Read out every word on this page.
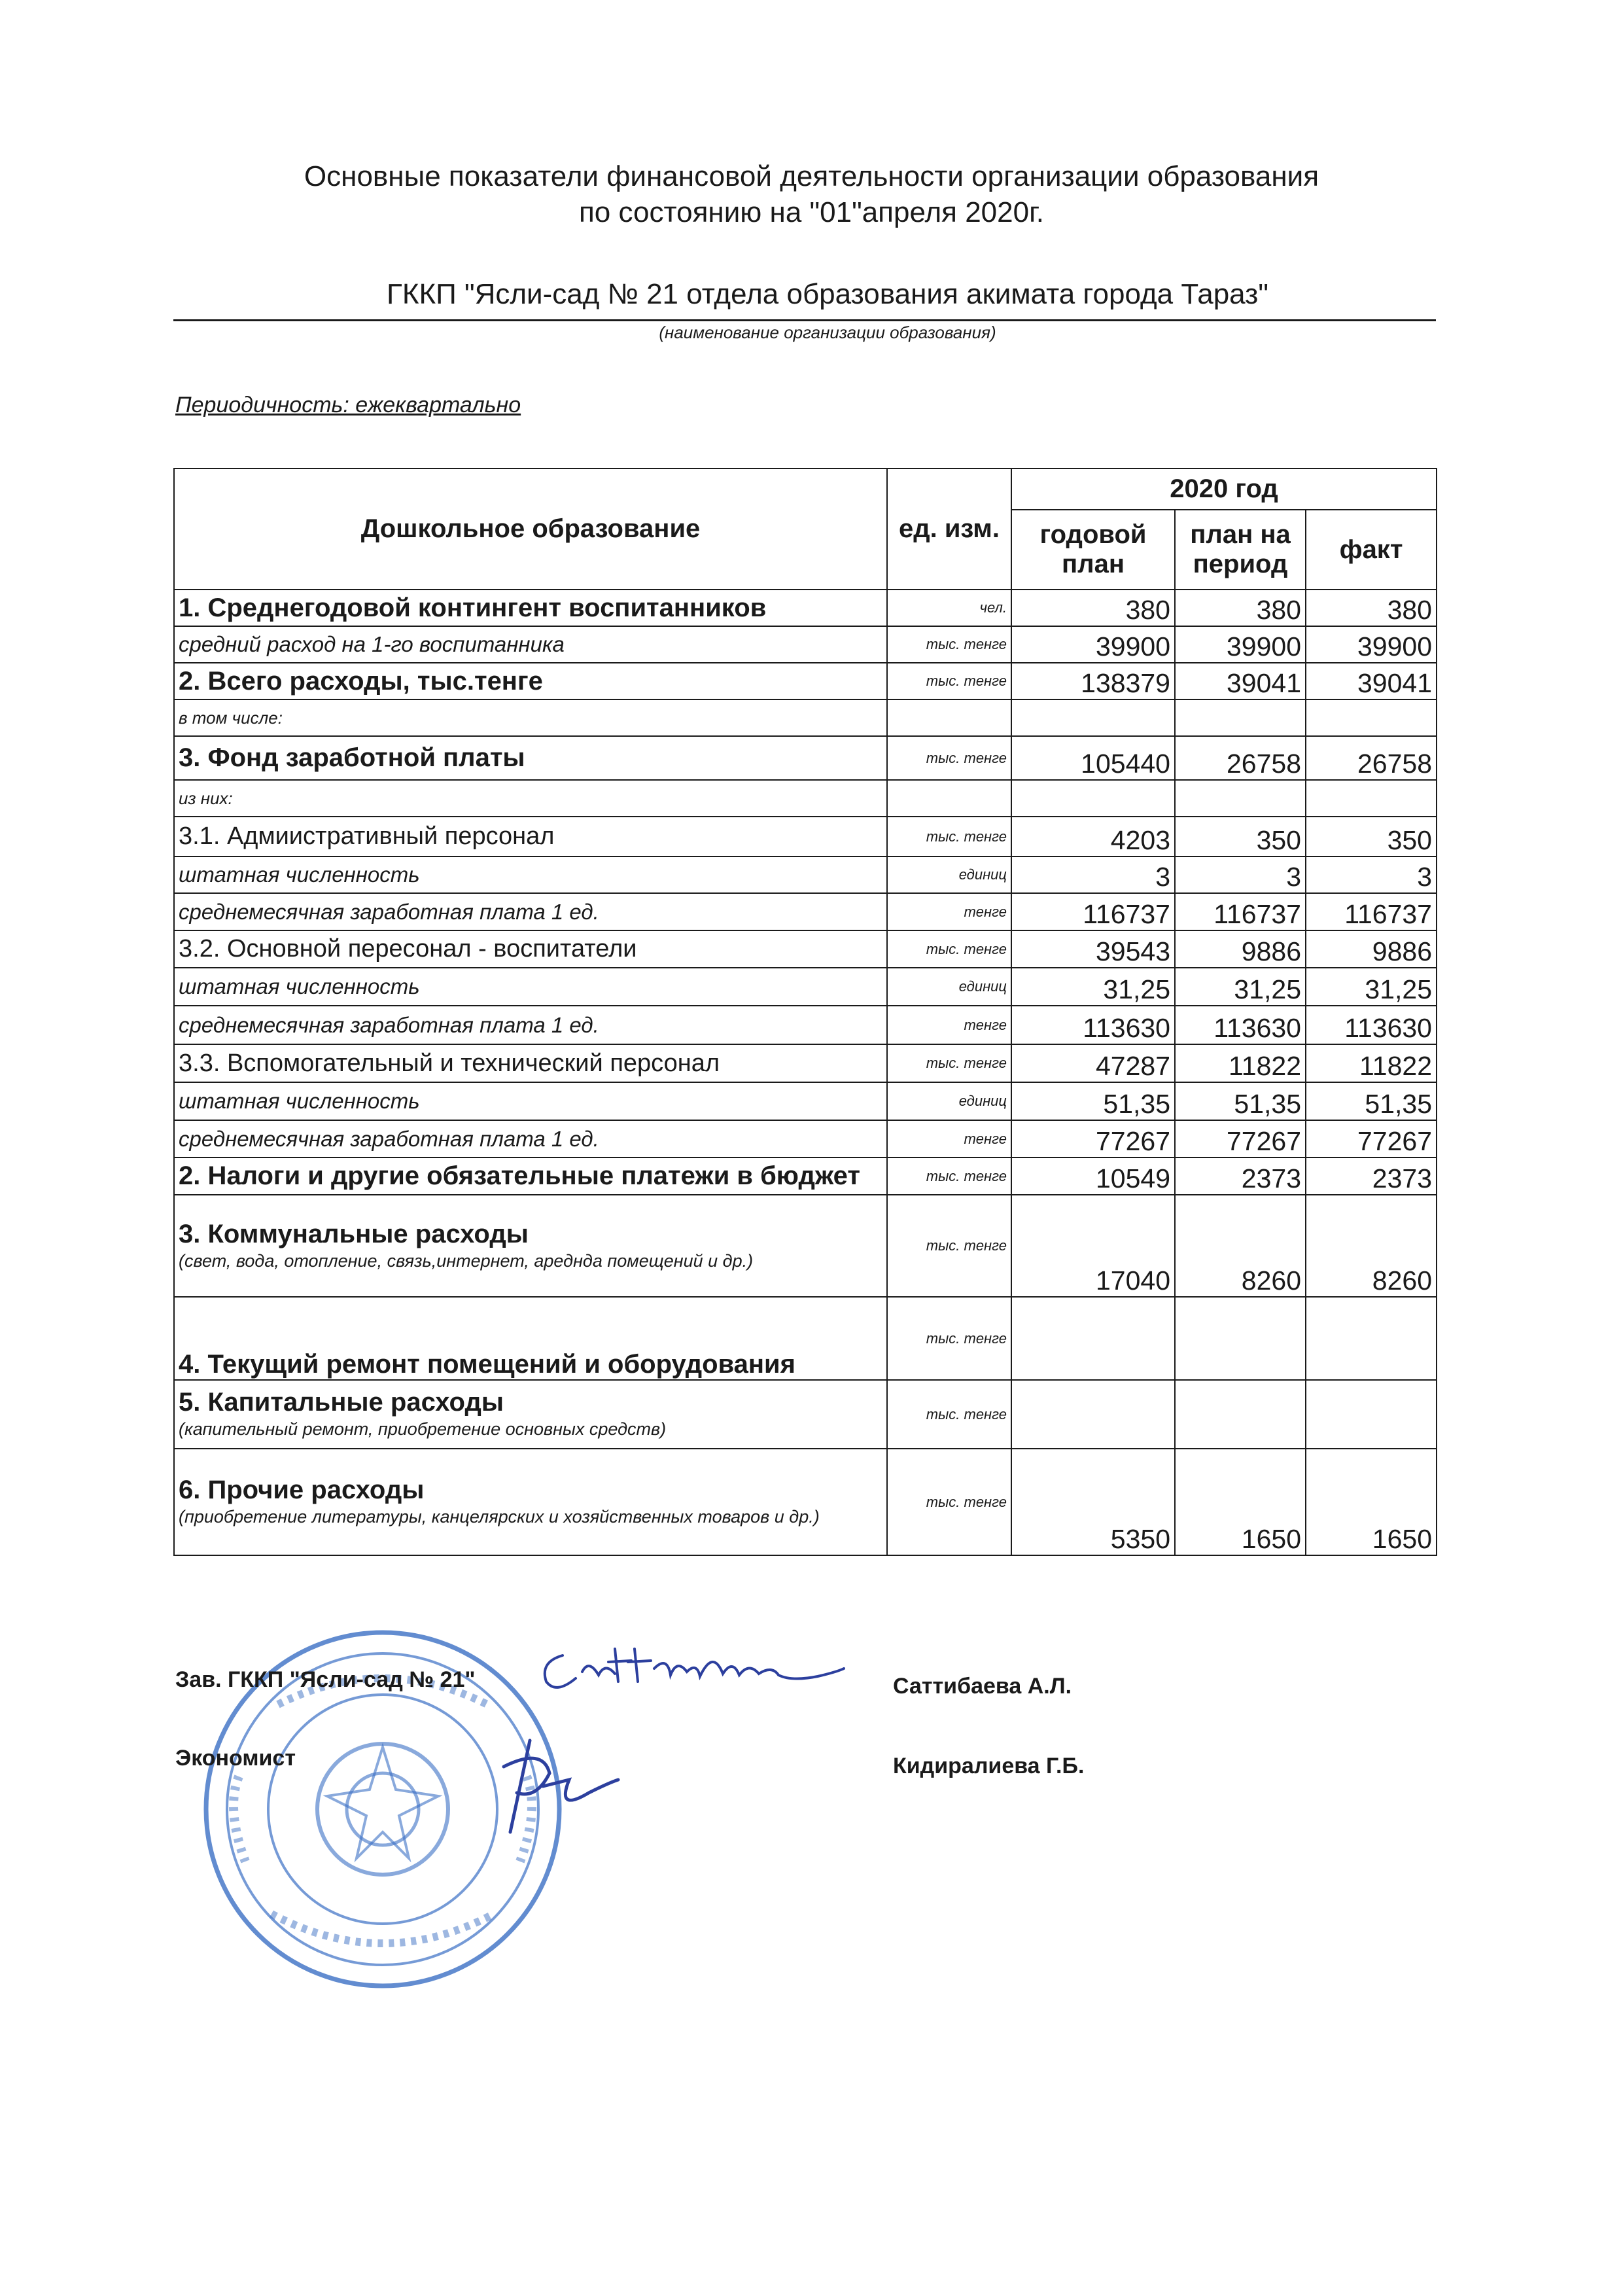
Основные показатели финансовой деятельности организации образования
по состоянию на "01"апреля 2020г.
ГККП "Ясли-сад № 21 отдела образования акимата города Тараз"
(наименование организации образования)
Периодичность: ежеквартально
Дошкольное образование	ед. изм.	2020 год		
		годовой план	план на период	факт
1. Среднегодовой контингент воспитанников	чел.	380	380	380
средний расход на 1-го воспитанника	тыс. тенге	39900	39900	39900
2. Всего расходы, тыс.тенге	тыс. тенге	138379	39041	39041
в том числе:				
3. Фонд заработной платы	тыс. тенге	105440	26758	26758
из них:				
3.1. Адмиистративный персонал	тыс. тенге	4203	350	350
штатная численность	единиц	3	3	3
среднемесячная заработная плата 1 ед.	тенге	116737	116737	116737
3.2. Основной пересонал - воспитатели	тыс. тенге	39543	9886	9886
штатная численность	единиц	31,25	31,25	31,25
среднемесячная заработная плата 1 ед.	тенге	113630	113630	113630
3.3. Вспомогательный и технический персонал	тыс. тенге	47287	11822	11822
штатная численность	единиц	51,35	51,35	51,35
среднемесячная заработная плата 1 ед.	тенге	77267	77267	77267
2. Налоги и другие обязательные платежи в бюджет	тыс. тенге	10549	2373	2373

3. Коммунальные расходы
(свет, вода, отопление, связь,интернет, аредндa помещений и др.)	тыс. тенге	17040	8260	8260
4. Текущий ремонт помещений и оборудования	тыс. тенге			

5. Капитальные расходы
(капительный ремонт, приобретение основных средств)	тыс. тенге			

6. Прочие расходы
(приобретение литературы, канцелярских и хозяйственных товаров и др.)	тыс. тенге	5350	1650	1650
Зав. ГККП "Ясли-сад № 21"	Саттибаева А.Л.
Экономист	Кидиралиева Г.Б.
